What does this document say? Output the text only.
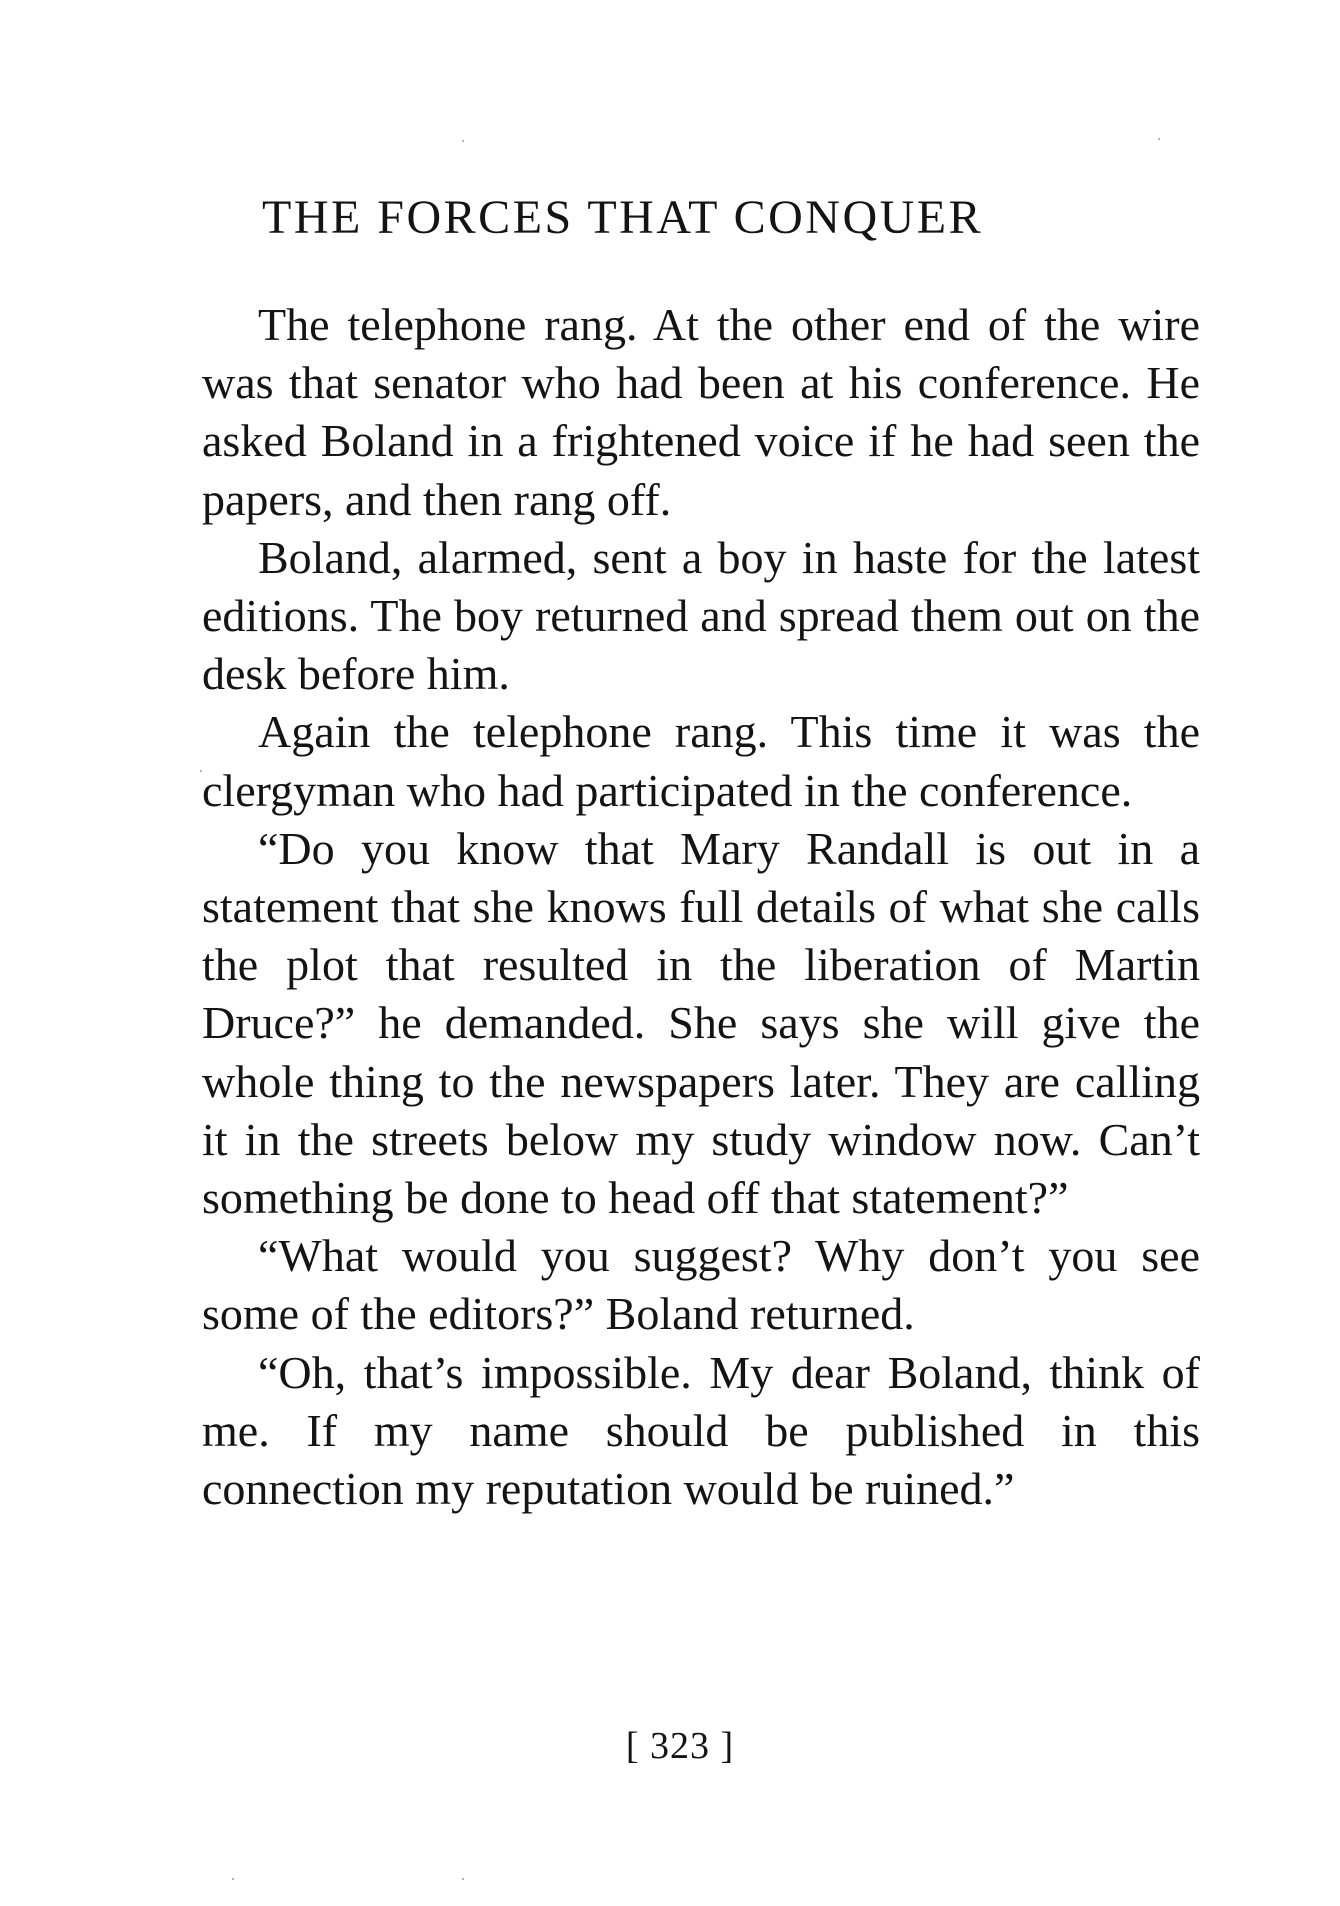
THE FORCES THAT CONQUER

The telephone rang. At the other end of the wire was that senator who had been at his conference. He asked Boland in a frightened voice if he had seen the papers, and then rang off.

Boland, alarmed, sent a boy in haste for the latest editions. The boy returned and spread them out on the desk before him.

Again the telephone rang. This time it was the clergyman who had participated in the conference.

“Do you know that Mary Randall is out in a statement that she knows full details of what she calls the plot that resulted in the liberation of Martin Druce?” he demanded. She says she will give the whole thing to the newspapers later. They are calling it in the streets below my study window now. Can’t something be done to head off that statement?”

“What would you suggest? Why don’t you see some of the editors?” Boland returned.

“Oh, that’s impossible. My dear Boland, think of me. If my name should be published in this connection my reputation would be ruined.”

[ 323 ]
